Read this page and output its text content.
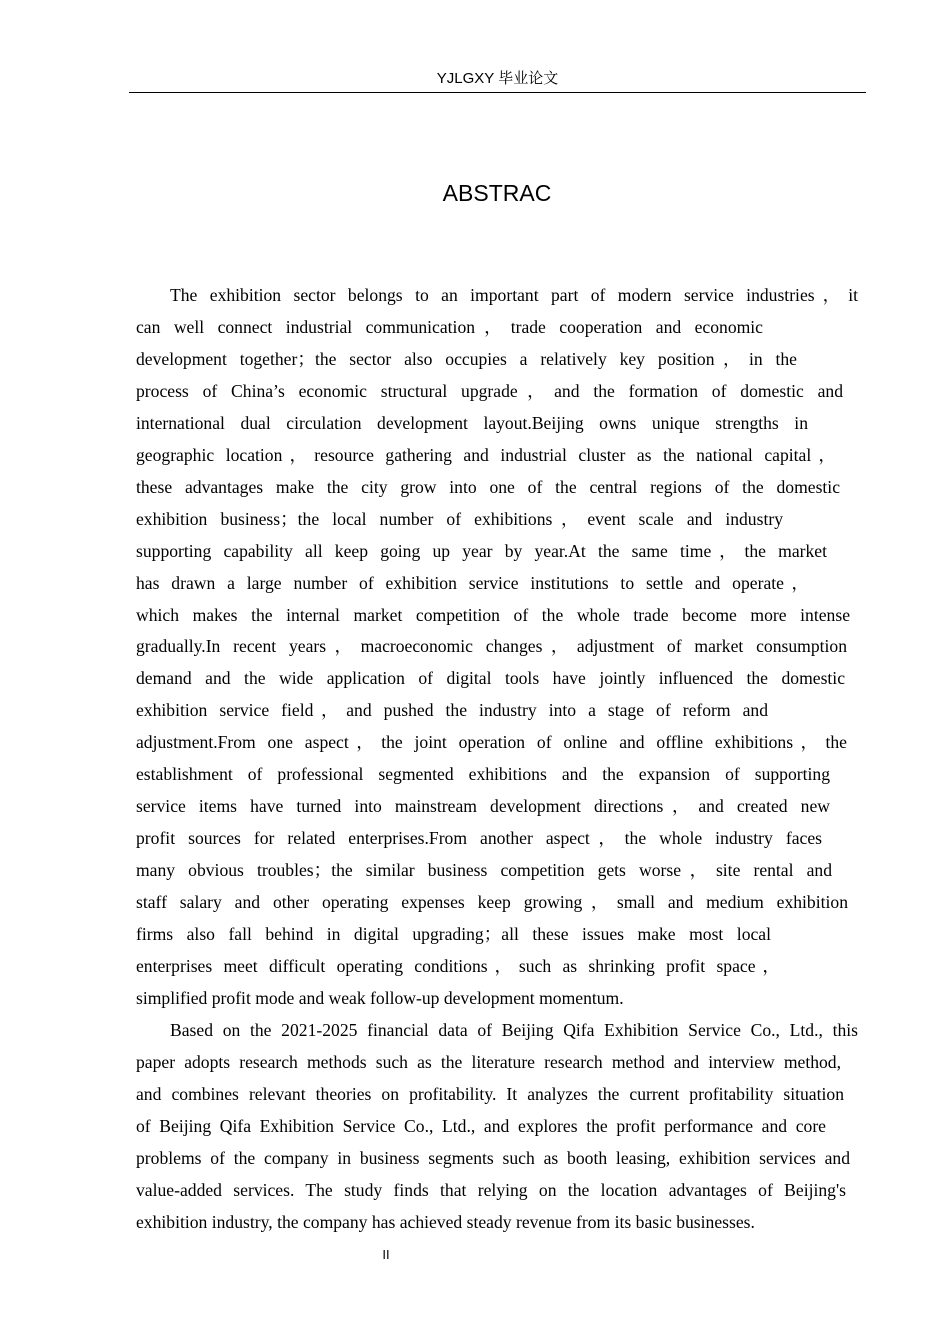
YJLGXY 毕业论文
ABSTRAC

The exhibition sector belongs to an important part of modern service industries，it
can well connect industrial communication，trade cooperation and economic
development together；the sector also occupies a relatively key position，in the
process of China’s economic structural upgrade，and the formation of domestic and
international dual circulation development layout.Beijing owns unique strengths in
geographic location，resource gathering and industrial cluster as the national capital，
these advantages make the city grow into one of the central regions of the domestic
exhibition business；the local number of exhibitions，event scale and industry
supporting capability all keep going up year by year.At the same time，the market
has drawn a large number of exhibition service institutions to settle and operate，
which makes the internal market competition of the whole trade become more intense
gradually.In recent years，macroeconomic changes，adjustment of market consumption
demand and the wide application of digital tools have jointly influenced the domestic
exhibition service field，and pushed the industry into a stage of reform and
adjustment.From one aspect，the joint operation of online and offline exhibitions，the
establishment of professional segmented exhibitions and the expansion of supporting
service items have turned into mainstream development directions，and created new
profit sources for related enterprises.From another aspect，the whole industry faces
many obvious troubles；the similar business competition gets worse，site rental and
staff salary and other operating expenses keep growing，small and medium exhibition
firms also fall behind in digital upgrading；all these issues make most local
enterprises meet difficult operating conditions，such as shrinking profit space，
simplified profit mode and weak follow-up development momentum.

Based on the 2021-2025 financial data of Beijing Qifa Exhibition Service Co., Ltd., this
paper adopts research methods such as the literature research method and interview method,
and combines relevant theories on profitability. It analyzes the current profitability situation
of Beijing Qifa Exhibition Service Co., Ltd., and explores the profit performance and core
problems of the company in business segments such as booth leasing, exhibition services and
value-added services. The study finds that relying on the location advantages of Beijing's
exhibition industry, the company has achieved steady revenue from its basic businesses.

II
